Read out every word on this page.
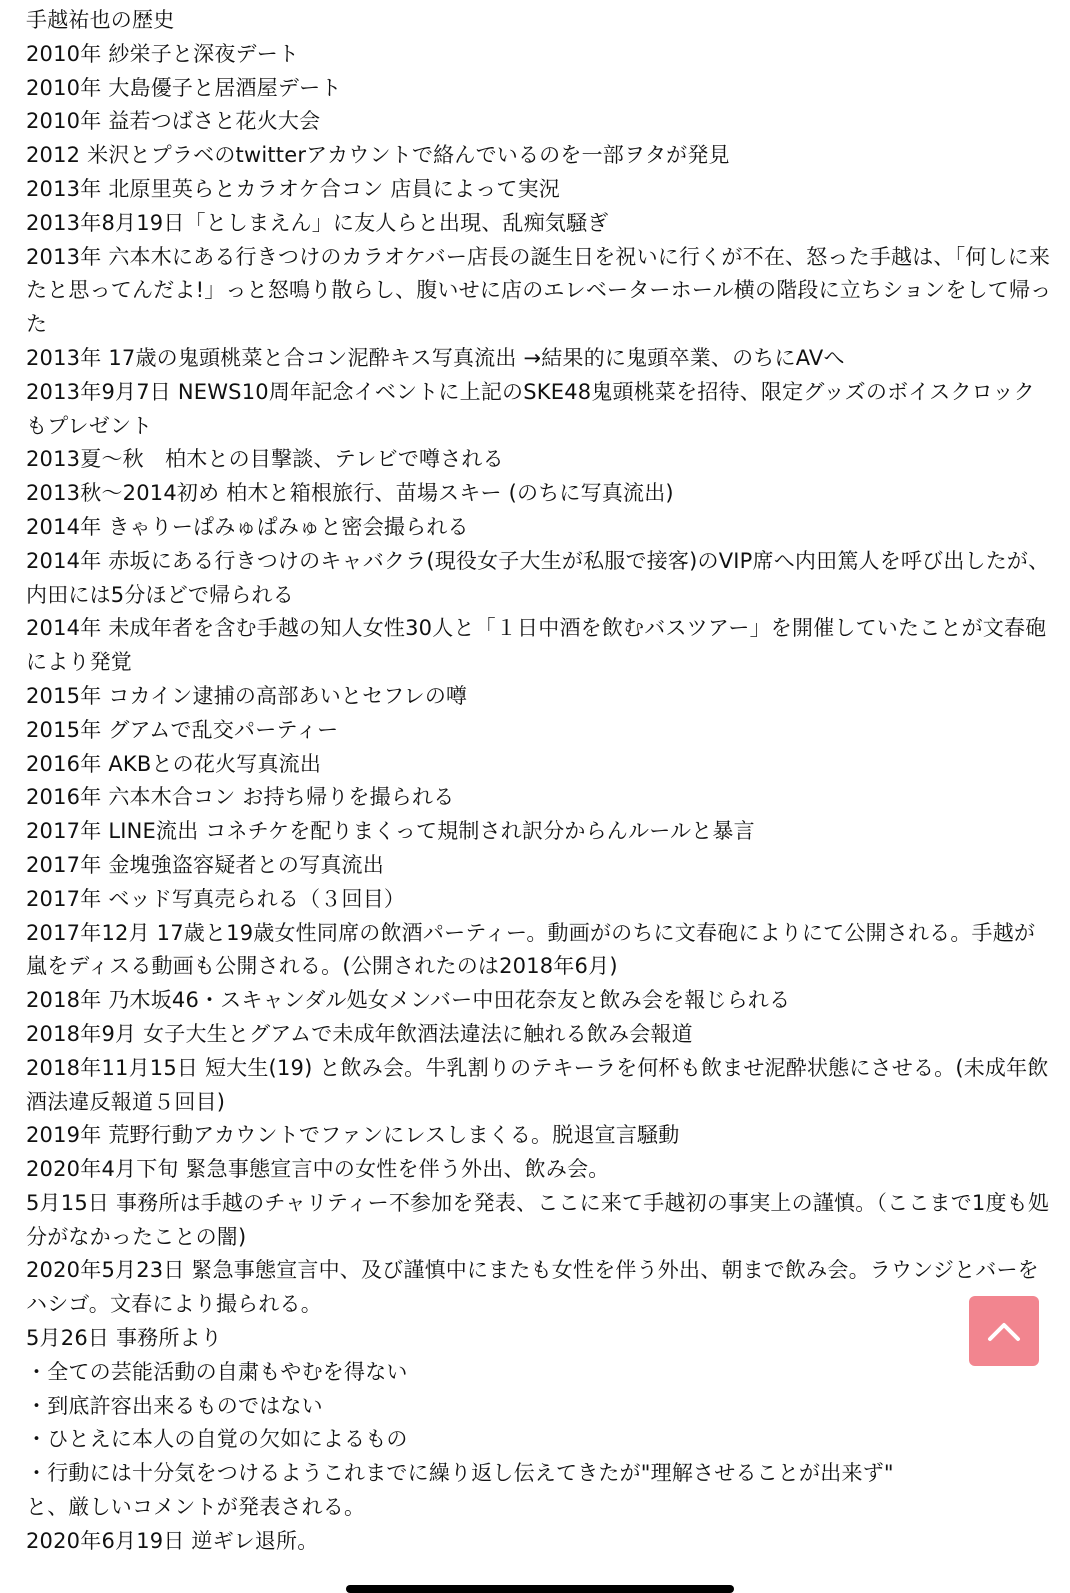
手越祐也の歴史
2010年 紗栄子と深夜デート
2010年 大島優子と居酒屋デート
2010年 益若つばさと花火大会
2012 米沢とプラベのtwitterアカウントで絡んでいるのを一部ヲタが発見
2013年 北原里英らとカラオケ合コン 店員によって実況
2013年8月19日「としまえん」に友人らと出現、乱痴気騒ぎ
2013年 六本木にある行きつけのカラオケバー店長の誕生日を祝いに行くが不在、怒った手越は、「何しに来たと思ってんだよ!」っと怒鳴り散らし、腹いせに店のエレベーターホール横の階段に立ちションをして帰った
2013年 17歳の鬼頭桃菜と合コン泥酔キス写真流出 →結果的に鬼頭卒業、のちにAVへ
2013年9月7日 NEWS10周年記念イベントに上記のSKE48鬼頭桃菜を招待、限定グッズのボイスクロックもプレゼント
2013夏〜秋　柏木との目撃談、テレビで噂される
2013秋〜2014初め 柏木と箱根旅行、苗場スキー (のちに写真流出)
2014年 きゃりーぱみゅぱみゅと密会撮られる
2014年 赤坂にある行きつけのキャバクラ(現役女子大生が私服で接客)のVIP席へ内田篤人を呼び出したが、内田には5分ほどで帰られる
2014年 未成年者を含む手越の知人女性30人と「１日中酒を飲むバスツアー」を開催していたことが文春砲により発覚
2015年 コカイン逮捕の高部あいとセフレの噂
2015年 グアムで乱交パーティー
2016年 AKBとの花火写真流出
2016年 六本木合コン お持ち帰りを撮られる
2017年 LINE流出 コネチケを配りまくって規制され訳分からんルールと暴言
2017年 金塊強盗容疑者との写真流出
2017年 ベッド写真売られる（３回目）
2017年12月 17歳と19歳女性同席の飲酒パーティー。動画がのちに文春砲によりにて公開される。手越が嵐をディスる動画も公開される。(公開されたのは2018年6月)
2018年 乃木坂46・スキャンダル処女メンバー中田花奈友と飲み会を報じられる
2018年9月 女子大生とグアムで未成年飲酒法違法に触れる飲み会報道
2018年11月15日 短大生(19) と飲み会。牛乳割りのテキーラを何杯も飲ませ泥酔状態にさせる。(未成年飲酒法違反報道５回目)
2019年 荒野行動アカウントでファンにレスしまくる。脱退宣言騒動
2020年4月下旬 緊急事態宣言中の女性を伴う外出、飲み会。
5月15日 事務所は手越のチャリティー不参加を発表、ここに来て手越初の事実上の謹慎。（ここまで1度も処分がなかったことの闇)
2020年5月23日 緊急事態宣言中、及び謹慎中にまたも女性を伴う外出、朝まで飲み会。ラウンジとバーをハシゴ。文春により撮られる。
5月26日 事務所より
・全ての芸能活動の自粛もやむを得ない
・到底許容出来るものではない
・ひとえに本人の自覚の欠如によるもの
・行動には十分気をつけるようこれまでに繰り返し伝えてきたが"理解させることが出来ず"
と、厳しいコメントが発表される。
2020年6月19日 逆ギレ退所。
